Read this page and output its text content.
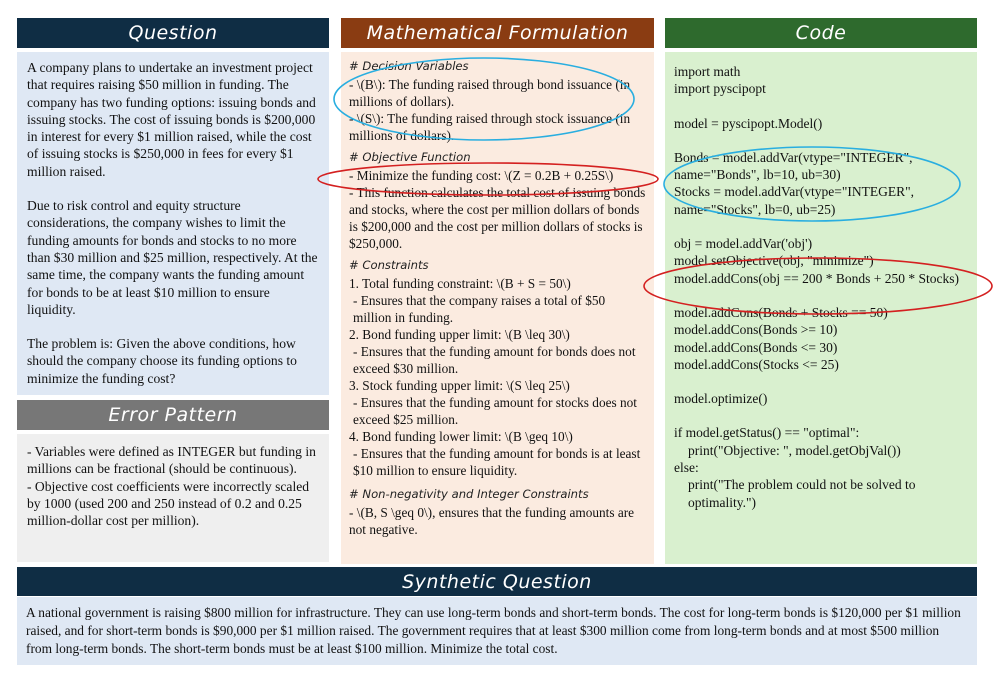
Question

A company plans to undertake an investment project that requires raising $50 million in funding. The company has two funding options: issuing bonds and issuing stocks. The cost of issuing bonds is $200,000 in interest for every $1 million raised, while the cost of issuing stocks is $250,000 in fees for every $1 million raised.

Due to risk control and equity structure considerations, the company wishes to limit the funding amounts for bonds and stocks to no more than $30 million and $25 million, respectively. At the same time, the company wants the funding amount for bonds to be at least $10 million to ensure liquidity.

The problem is: Given the above conditions, how should the company choose its funding options to minimize the funding cost?

Error Pattern

- Variables were defined as INTEGER but funding in millions can be fractional (should be continuous).

- Objective cost coefficients were incorrectly scaled by 1000 (used 200 and 250 instead of 0.2 and 0.25 million-dollar cost per million).

Mathematical Formulation
# Decision Variables

- \(B\): The funding raised through bond issuance (in millions of dollars).

- \(S\): The funding raised through stock issuance (in millions of dollars).

# Objective Function

- Minimize the funding cost: \(Z = 0.2B + 0.25S\)

- This function calculates the total cost of issuing bonds and stocks, where the cost per million dollars of bonds is $200,000 and the cost per million dollars of stocks is $250,000.

# Constraints

1. Total funding constraint: \(B + S = 50\)

- Ensures that the company raises a total of $50 million in funding.

2. Bond funding upper limit: \(B \leq 30\)

- Ensures that the funding amount for bonds does not exceed $30 million.

3. Stock funding upper limit: \(S \leq 25\)

- Ensures that the funding amount for stocks does not exceed $25 million.

4. Bond funding lower limit: \(B \geq 10\)

- Ensures that the funding amount for bonds is at least $10 million to ensure liquidity.

# Non-negativity and Integer Constraints

- \(B, S \geq 0\), ensures that the funding amounts are not negative.

Code

import math

import pyscipopt

model = pyscipopt.Model()

Bonds = model.addVar(vtype="INTEGER", name="Bonds", lb=10, ub=30)

Stocks = model.addVar(vtype="INTEGER", name="Stocks", lb=0, ub=25)

obj = model.addVar('obj')

model.setObjective(obj, "minimize")

model.addCons(obj == 200 * Bonds + 250 * Stocks)

model.addCons(Bonds + Stocks == 50)

model.addCons(Bonds >= 10)

model.addCons(Bonds <= 30)

model.addCons(Stocks <= 25)

model.optimize()

if model.getStatus() == "optimal":

print("Objective: ", model.getObjVal())

else:

print("The problem could not be solved to optimality.")

Synthetic Question

A national government is raising $800 million for infrastructure. They can use long-term bonds and short-term bonds. The cost for long-term bonds is $120,000 per $1 million raised, and for short-term bonds is $90,000 per $1 million raised. The government requires that at least $300 million come from long-term bonds and at most $500 million from long-term bonds. The short-term bonds must be at least $100 million. Minimize the total cost.
